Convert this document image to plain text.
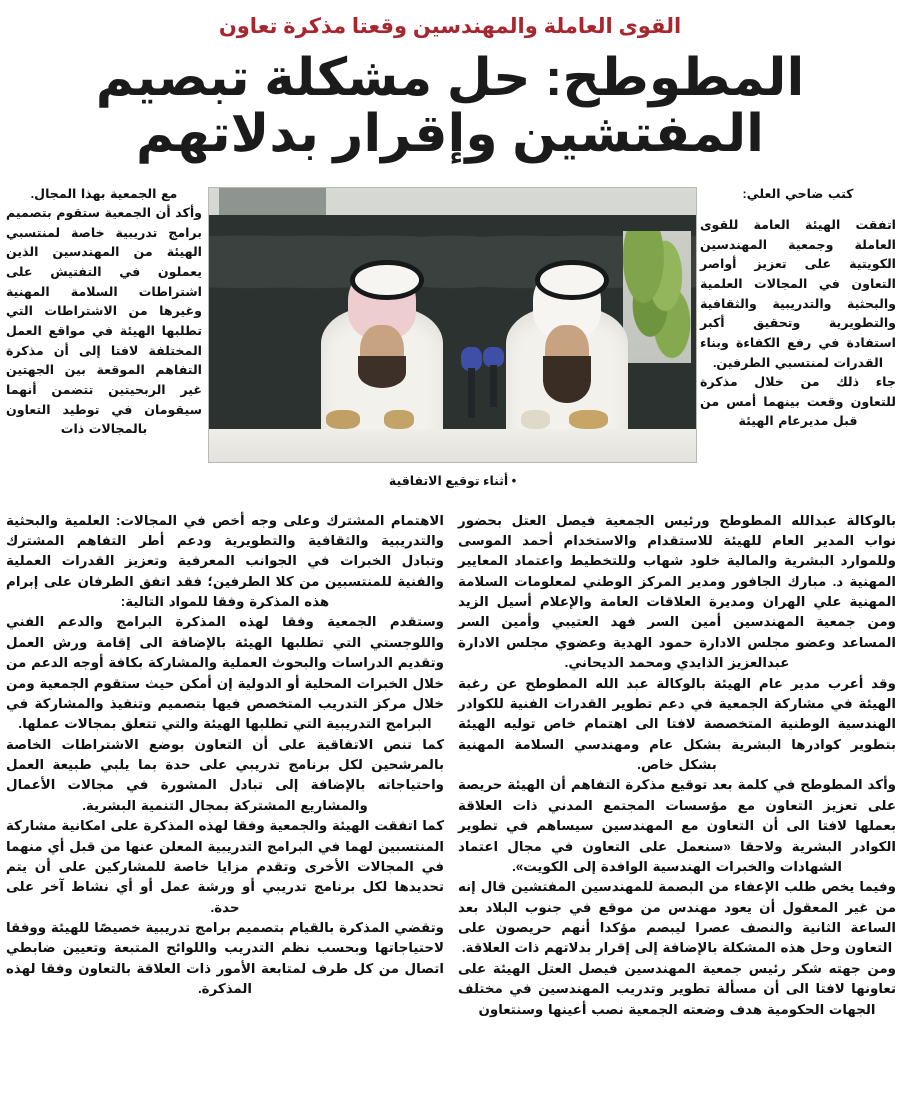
القوى العاملة والمهندسين وقعتا مذكرة تعاون
المطوطح: حل مشكلة تبصيم
المفتشين وإقرار بدلاتهم
كتب ضاحي العلي:

اتفقت الهيئة العامة للقوى العاملة وجمعية المهندسين الكويتية على تعزيز أواصر التعاون في المجالات العلمية والبحثية والتدريبية والثقافية والتطويرية وتحقيق أكبر استفادة في رفع الكفاءة وبناء القدرات لمنتسبي الطرفين.

جاء ذلك من خلال مذكرة للتعاون وقعت بينهما أمس من قبل مديرعام الهيئة

• أثناء توقيع الاتفاقية

مع الجمعية بهذا المجال.

وأكد أن الجمعية ستقوم بتصميم برامج تدريبية خاصة لمنتسبي الهيئة من المهندسين الذين يعملون في التفتيش على اشتراطات السلامة المهنية وغيرها من الاشتراطات التي تطلبها الهيئة في مواقع العمل المختلفة لافتا إلى أن مذكرة التفاهم الموقعة بين الجهتين غير الربحيتين تتضمن أنهما سيقومان في توطيد التعاون بالمجالات ذات

بالوكالة عبدالله المطوطح ورئيس الجمعية فيصل العتل بحضور نواب المدير العام للهيئة للاستقدام والاستخدام أحمد الموسى وللموارد البشرية والمالية خلود شهاب وللتخطيط واعتماد المعايير المهنية د. مبارك الجافور ومدير المركز الوطني لمعلومات السلامة المهنية علي الهران ومديرة العلاقات العامة والإعلام أسيل الزيد ومن جمعية المهندسين أمين السر فهد العتيبي وأمين السر المساعد وعضو مجلس الادارة حمود الهدية وعضوي مجلس الادارة عبدالعزيز الذايدي ومحمد الديحاني.

وقد أعرب مدير عام الهيئة بالوكالة عبد الله المطوطح عن رغبة الهيئة في مشاركة الجمعية في دعم تطوير القدرات الفنية للكوادر الهندسية الوطنية المتخصصة لافتا الى اهتمام خاص توليه الهيئة بتطوير كوادرها البشرية بشكل عام ومهندسي السلامة المهنية بشكل خاص.

وأكد المطوطح في كلمة بعد توقيع مذكرة التفاهم أن الهيئة حريصة على تعزيز التعاون مع مؤسسات المجتمع المدني ذات العلاقة بعملها لافتا الى أن التعاون مع المهندسين سيساهم في تطوير الكوادر البشرية ولاحقا «سنعمل على التعاون في مجال اعتماد الشهادات والخبرات الهندسية الوافدة إلى الكويت».

وفيما يخص طلب الإعفاء من البصمة للمهندسين المفتشين قال إنه من غير المعقول أن يعود مهندس من موقع في جنوب البلاد بعد الساعة الثانية والنصف عصرا ليبصم مؤكدا أنهم حريصون على التعاون وحل هذه المشكلة بالإضافة إلى إقرار بدلاتهم ذات العلاقة.

ومن جهته شكر رئيس جمعية المهندسين فيصل العتل الهيئة على تعاونها لافتا الى أن مسألة تطوير وتدريب المهندسين في مختلف الجهات الحكومية هدف وضعته الجمعية نصب أعينها وسنتعاون

الاهتمام المشترك وعلى وجه أخص في المجالات: العلمية والبحثية والتدريبية والثقافية والتطويرية ودعم أطر التفاهم المشترك وتبادل الخبرات في الجوانب المعرفية وتعزيز القدرات العملية والفنية للمنتسبين من كلا الطرفين؛ فقد اتفق الطرفان على إبرام هذه المذكرة وفقا للمواد التالية:

وستقدم الجمعية وفقا لهذه المذكرة البرامج والدعم الفني واللوجستي التي تطلبها الهيئة بالإضافة الى إقامة ورش العمل وتقديم الدراسات والبحوث العملية والمشاركة بكافة أوجه الدعم من خلال الخبرات المحلية أو الدولية إن أمكن حيث ستقوم الجمعية ومن خلال مركز التدريب المتخصص فيها بتصميم وتنفيذ والمشاركة في البرامج التدريبية التي تطلبها الهيئة والتي تتعلق بمجالات عملها.

كما تنص الاتفاقية على أن التعاون بوضع الاشتراطات الخاصة بالمرشحين لكل برنامج تدريبي على حدة بما يلبي طبيعة العمل واحتياجاته بالإضافة إلى تبادل المشورة في مجالات الأعمال والمشاريع المشتركة بمجال التنمية البشرية.

كما اتفقت الهيئة والجمعية وفقا لهذه المذكرة على امكانية مشاركة المنتسبين لهما في البرامج التدريبية المعلن عنها من قبل أي منهما في المجالات الأخرى وتقدم مزايا خاصة للمشاركين على أن يتم تحديدها لكل برنامج تدريبي أو ورشة عمل أو أي نشاط آخر على حدة.

وتقضي المذكرة بالقيام بتصميم برامج تدريبية خصيصًا للهيئة ووفقا لاحتياجاتها وبحسب نظم التدريب واللوائح المتبعة وتعيين ضابطي اتصال من كل طرف لمتابعة الأمور ذات العلاقة بالتعاون وفقا لهذه المذكرة.
